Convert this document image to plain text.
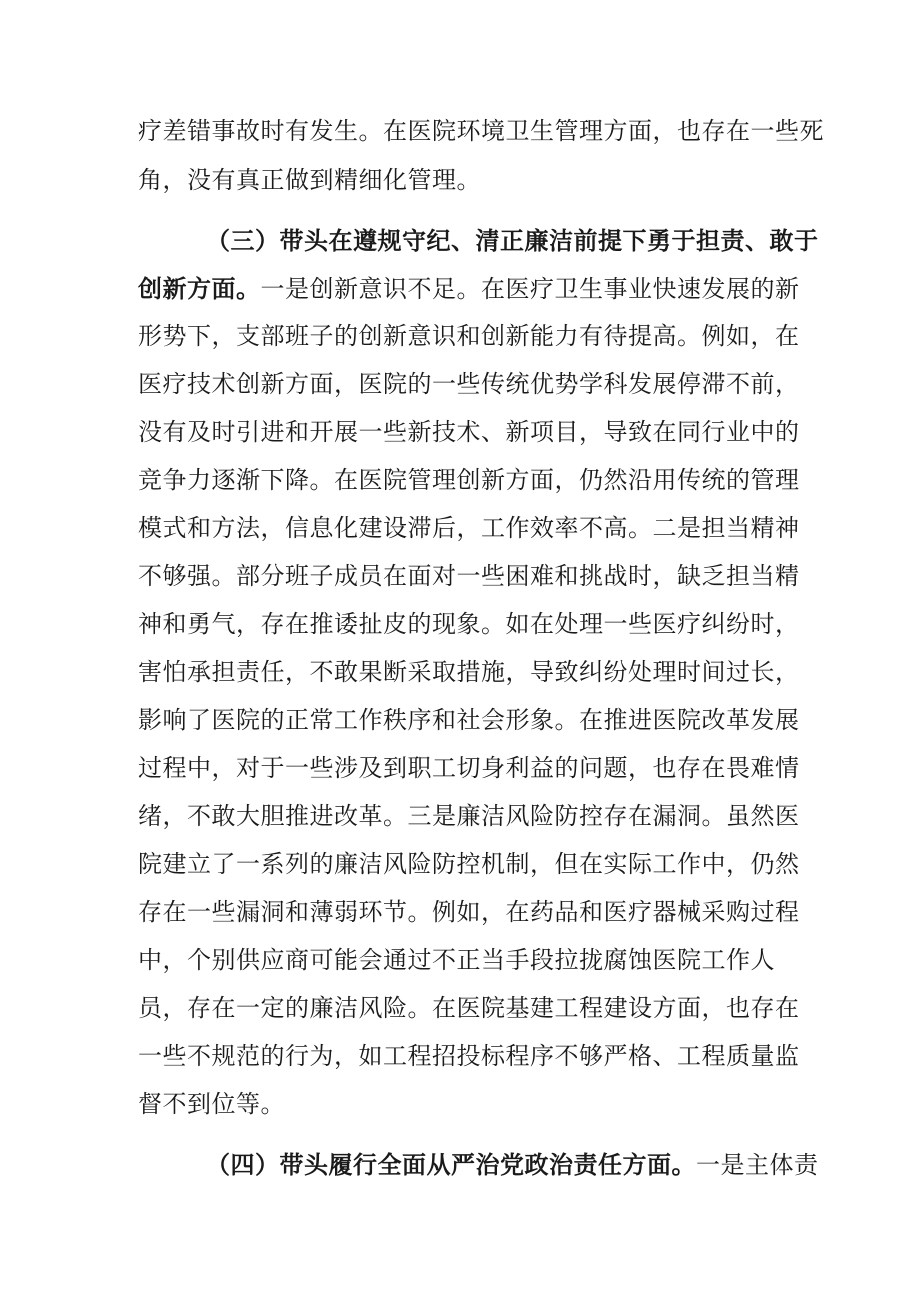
疗差错事故时有发生。在医院环境卫生管理方面，也存在一些死
角，没有真正做到精细化管理。
（三）带头在遵规守纪、清正廉洁前提下勇于担责、敢于
创新方面。一是创新意识不足。在医疗卫生事业快速发展的新
形势下，支部班子的创新意识和创新能力有待提高。例如，在
医疗技术创新方面，医院的一些传统优势学科发展停滞不前，
没有及时引进和开展一些新技术、新项目，导致在同行业中的
竞争力逐渐下降。在医院管理创新方面，仍然沿用传统的管理
模式和方法，信息化建设滞后，工作效率不高。二是担当精神
不够强。部分班子成员在面对一些困难和挑战时，缺乏担当精
神和勇气，存在推诿扯皮的现象。如在处理一些医疗纠纷时，
害怕承担责任，不敢果断采取措施，导致纠纷处理时间过长，
影响了医院的正常工作秩序和社会形象。在推进医院改革发展
过程中，对于一些涉及到职工切身利益的问题，也存在畏难情
绪，不敢大胆推进改革。三是廉洁风险防控存在漏洞。虽然医
院建立了一系列的廉洁风险防控机制，但在实际工作中，仍然
存在一些漏洞和薄弱环节。例如，在药品和医疗器械采购过程
中，个别供应商可能会通过不正当手段拉拢腐蚀医院工作人
员，存在一定的廉洁风险。在医院基建工程建设方面，也存在
一些不规范的行为，如工程招投标程序不够严格、工程质量监
督不到位等。
（四）带头履行全面从严治党政治责任方面。一是主体责
